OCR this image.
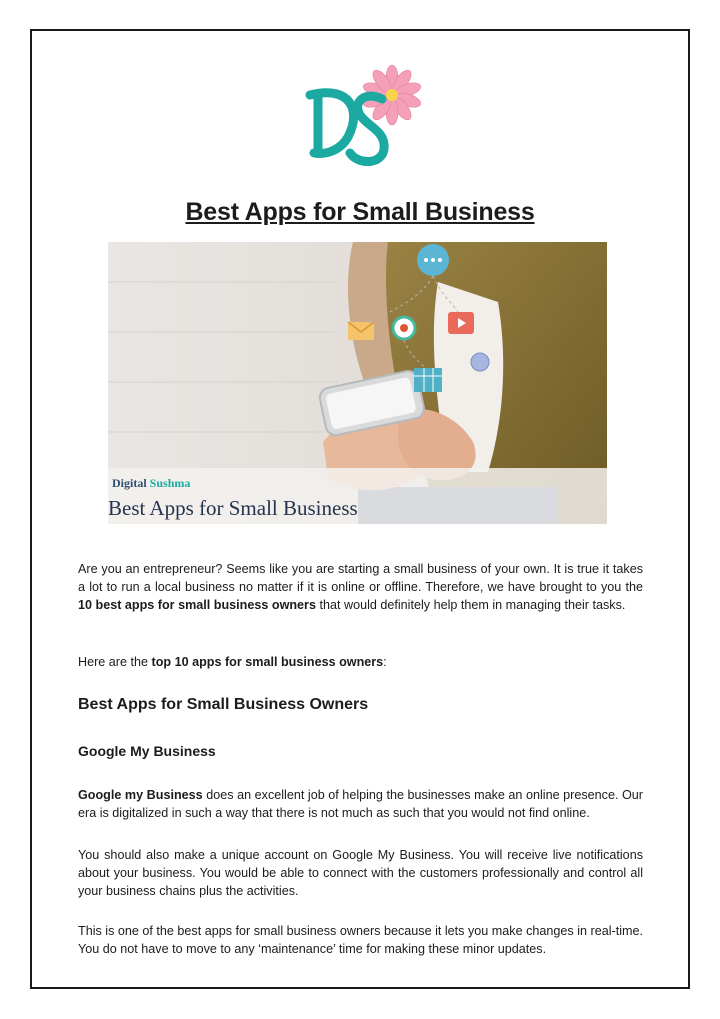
Best Apps for Small Business
Digital Sushma
Best Apps for Small Business

Are you an entrepreneur? Seems like you are starting a small business of your own. It is true it takes a lot to run a local business no matter if it is online or offline. Therefore, we have brought to you the 10 best apps for small business owners that would definitely help them in managing their tasks.

Here are the top 10 apps for small business owners:

Best Apps for Small Business Owners
Google My Business

Google my Business does an excellent job of helping the businesses make an online presence. Our era is digitalized in such a way that there is not much as such that you would not find online.

You should also make a unique account on Google My Business. You will receive live notifications about your business. You would be able to connect with the customers professionally and control all your business chains plus the activities.

This is one of the best apps for small business owners because it lets you make changes in real-time. You do not have to move to any ‘maintenance’ time for making these minor updates.
